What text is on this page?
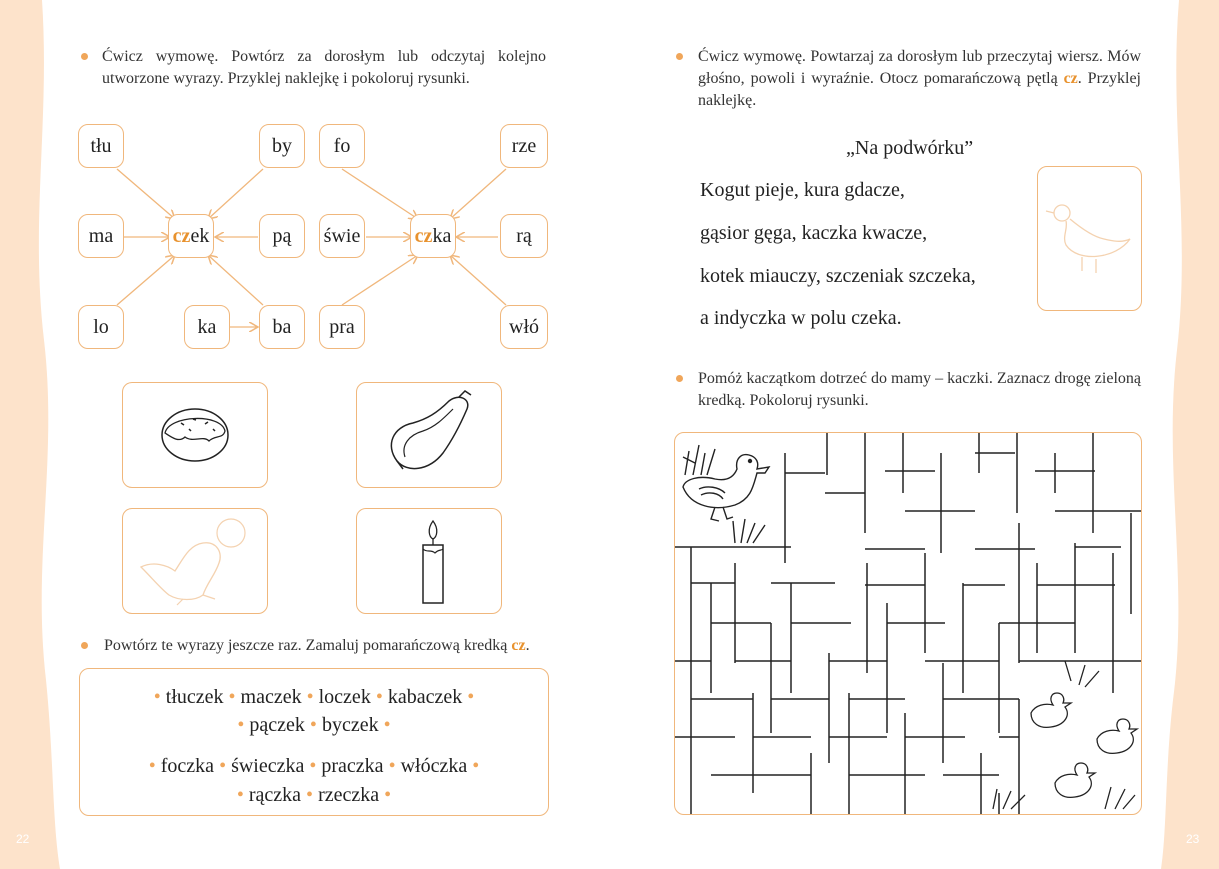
22	23
Ćwicz wymowę. Powtórz za dorosłym lub odczytaj kolejno utworzone wyrazy. Przyklej naklejkę i pokoloruj rysunki.
tłu	by
ma	cz ek	pą
lo	ka	ba
fo	rze
świe	cz ka	rą
pra	włó
Powtórz te wyrazy jeszcze raz. Zamaluj pomarańczową kredką cz.
• tłuczek • maczek • loczek • kabaczek •
• pączek • byczek •
• foczka • świeczka • praczka • włóczka •
• rączka • rzeczka •
Ćwicz wymowę. Powtarzaj za dorosłym lub przeczytaj wiersz. Mów głośno, powoli i wyraźnie. Otocz pomarańczową pętlą cz. Przyklej naklejkę.
„Na podwórku”
Kogut pieje, kura gdacze,
gąsior gęga, kaczka kwacze,
kotek miauczy, szczeniak szczeka,
a indyczka w polu czeka.
Pomóż kaczątkom dotrzeć do mamy – kaczki. Zaznacz drogę zieloną kredką. Pokoloruj rysunki.
